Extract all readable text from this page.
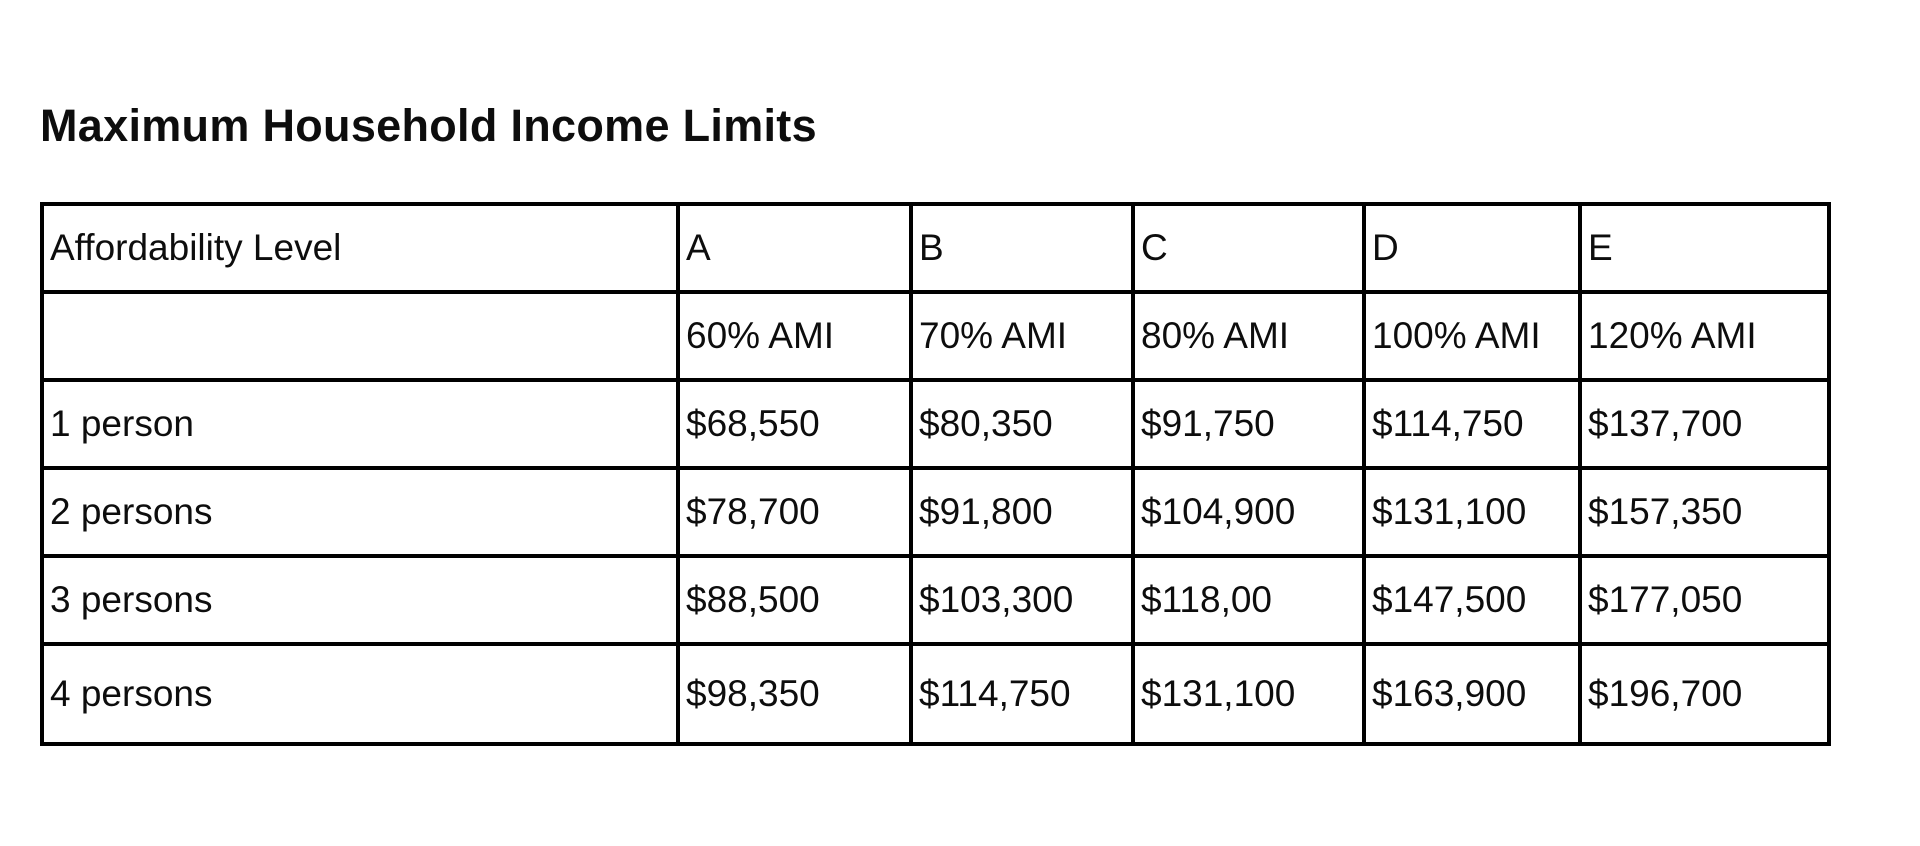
Maximum Household Income Limits
Affordability Level	A	B	C	D	E
	60% AMI	70% AMI	80% AMI	100% AMI	120% AMI
1 person	$68,550	$80,350	$91,750	$114,750	$137,700
2 persons	$78,700	$91,800	$104,900	$131,100	$157,350
3 persons	$88,500	$103,300	$118,00	$147,500	$177,050
4 persons	$98,350	$114,750	$131,100	$163,900	$196,700
